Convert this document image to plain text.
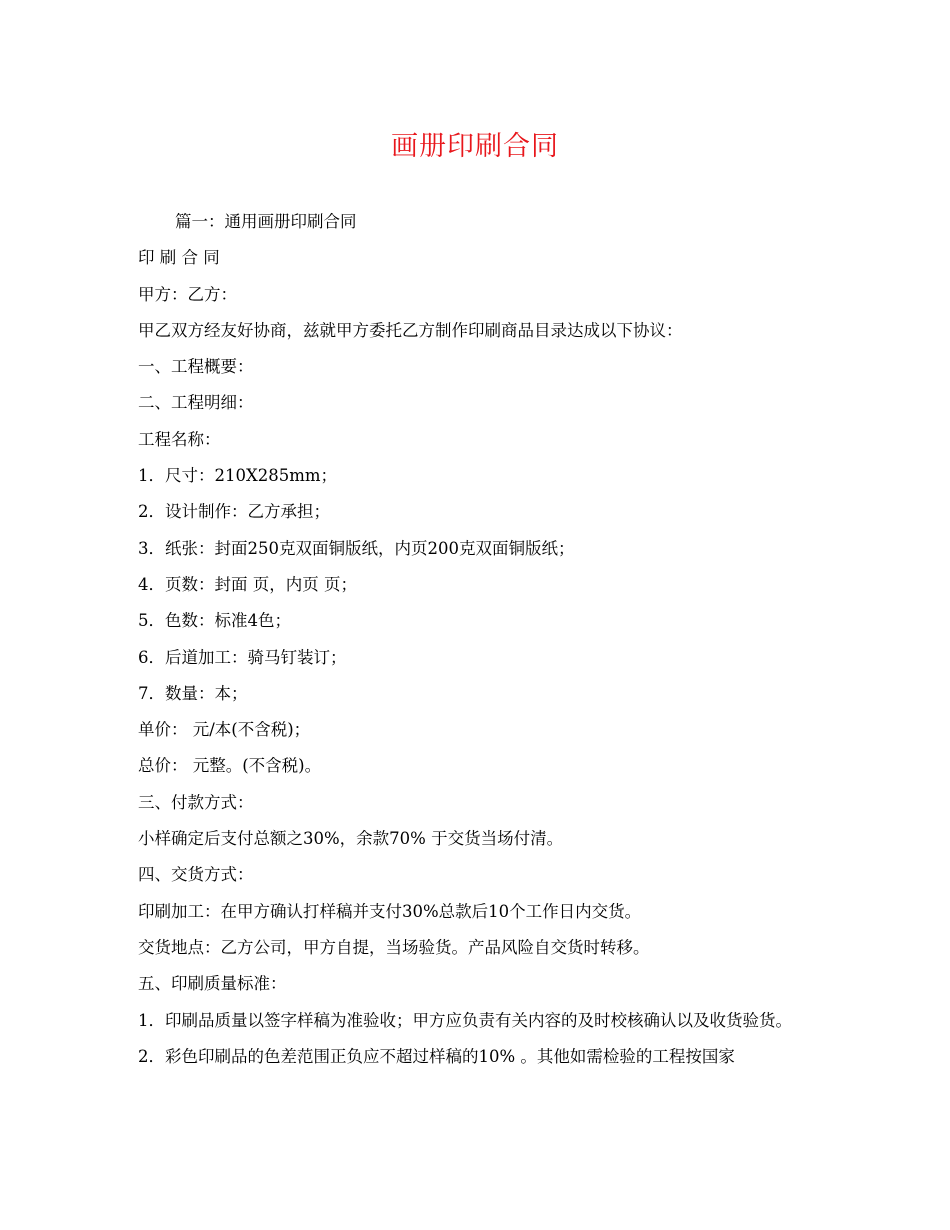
画册印刷合同
篇一：通用画册印刷合同
印 刷 合 同
甲方：乙方：
甲乙双方经友好协商，兹就甲方委托乙方制作印刷商品目录达成以下协议：
一、工程概要：
二、工程明细：
工程名称：
1．尺寸：210X285mm；
2．设计制作：乙方承担；
3．纸张：封面250克双面铜版纸，内页200克双面铜版纸；
4．页数：封面 页，内页 页；
5．色数：标准4色；
6．后道加工：骑马钉装订；
7．数量：本；
单价： 元/本(不含税)；
总价： 元整。(不含税)。
三、付款方式：
小样确定后支付总额之30%，余款70% 于交货当场付清。
四、交货方式：
印刷加工：在甲方确认打样稿并支付30%总款后10个工作日内交货。
交货地点：乙方公司，甲方自提，当场验货。产品风险自交货时转移。
五、印刷质量标准：
1．印刷品质量以签字样稿为准验收；甲方应负责有关内容的及时校核确认以及收货验货。
2．彩色印刷品的色差范围正负应不超过样稿的10% 。其他如需检验的工程按国家
